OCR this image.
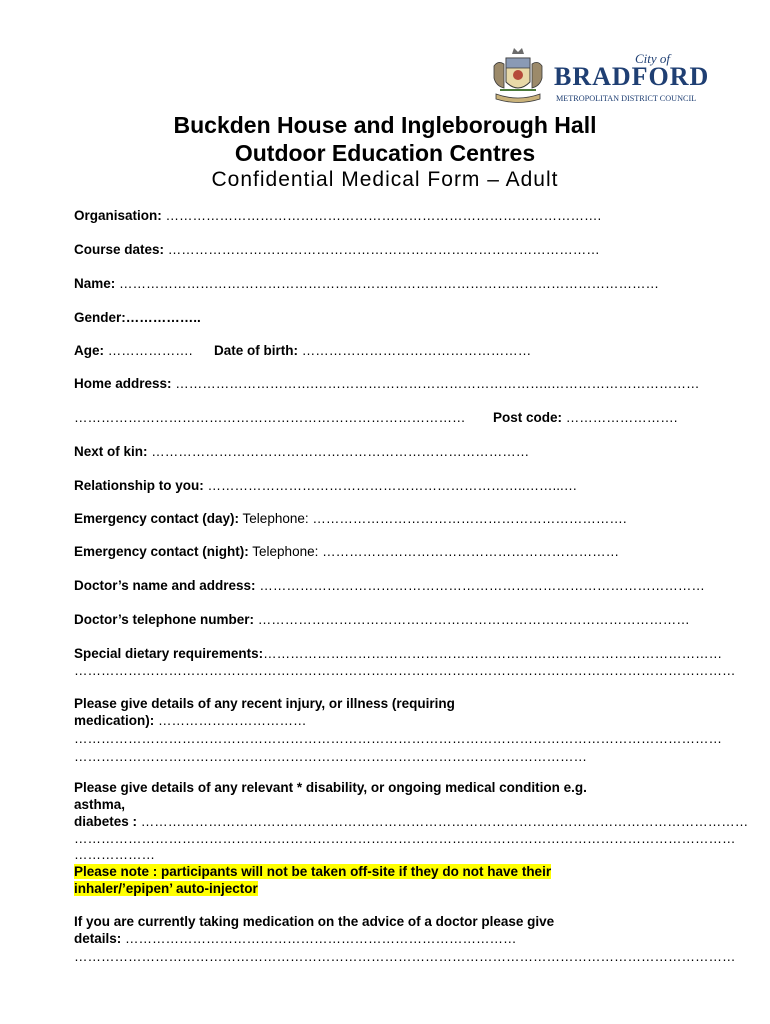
City of
BRADFORD
METROPOLITAN DISTRICT COUNCIL
Buckden House and Ingleborough Hall
Outdoor Education Centres
Confidential Medical Form – Adult
Organisation: …………………………………………………………………………………….
Course dates: ……………………………………………………………………………………
Name: …………………………………………………………………………………………………………
Gender:……………..
Age: ………………. Date of birth: ……………………………………………
Home address: ………………………….……………………………………………..……………………………
…………………………………………………………………………… Post code: …………………….
Next of kin: …………………………………………………………………………
Relationship to you: ……………………………………………………………..……...…
Emergency contact (day): Telephone: …………………………………………………………….
Emergency contact (night): Telephone: …………………………………………………………
Doctor’s name and address: ………………………………………………………………………………………
Doctor’s telephone number: ……………………………………………………………………………………
Special dietary requirements:…………………………………………………………………………………………
…………………………………………………………………………………………………………………………………
Please give details of any recent injury, or illness (requiring
medication): ……………………………
………………………………………………………………………………………………………………………………
……………………………………………………………………………………………………
Please give details of any relevant * disability, or ongoing medical condition e.g.
asthma,
diabetes : ………………………………………………………………………………………………………………………
…………………………………………………………………………………………………………………………………
………………
Please note : participants will not be taken off-site if they do not have their
inhaler/’epipen’ auto-injector
If you are currently taking medication on the advice of a doctor please give
details: ……………………………………………………………………………
…………………………………………………………………………………………………………………………………
